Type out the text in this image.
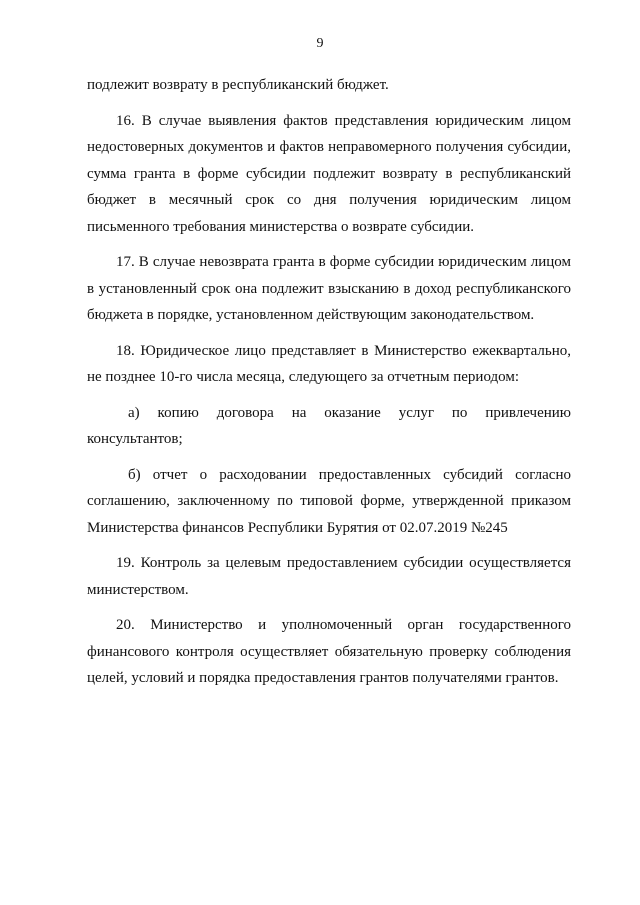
9
подлежит возврату в республиканский бюджет.
16. В случае выявления фактов представления юридическим лицом
недостоверных документов и фактов неправомерного получения субсидии,
сумма гранта в форме субсидии подлежит возврату в республиканский
бюджет в месячный срок со дня получения юридическим лицом
письменного требования министерства о возврате субсидии.
17. В случае невозврата гранта в форме субсидии юридическим лицом
в установленный срок она подлежит взысканию в доход республиканского
бюджета в порядке, установленном действующим законодательством.
18. Юридическое лицо представляет в Министерство ежеквартально,
не позднее 10-го числа месяца, следующего за отчетным периодом:
а) копию договора на оказание услуг по привлечению
консультантов;
б) отчет о расходовании предоставленных субсидий согласно
соглашению, заключенному по типовой форме, утвержденной приказом
Министерства финансов Республики Бурятия от 02.07.2019 №245
19. Контроль за целевым предоставлением субсидии осуществляется
министерством.
20. Министерство и уполномоченный орган государственного
финансового контроля осуществляет обязательную проверку соблюдения
целей, условий и порядка предоставления грантов получателями грантов.
